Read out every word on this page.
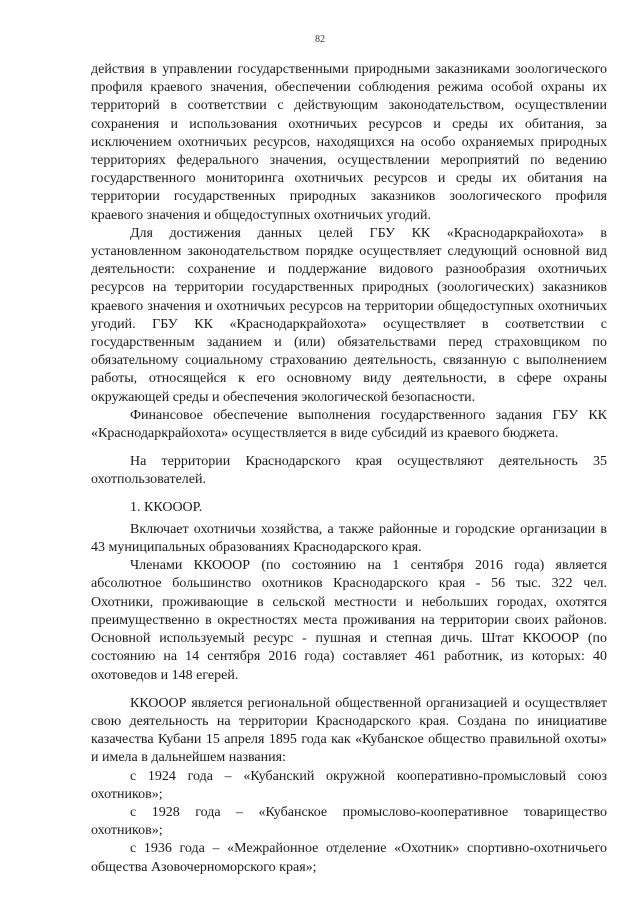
82

действия в управлении государственными природными заказниками зоологического профиля краевого значения, обеспечении соблюдения режима особой охраны их территорий в соответствии с действующим законодательством, осуществлении сохранения и использования охотничьих ресурсов и среды их обитания, за исключением охотничьих ресурсов, находящихся на особо охраняемых природных территориях федерального значения, осуществлении мероприятий по ведению государственного мониторинга охотничьих ресурсов и среды их обитания на территории государственных природных заказников зоологического профиля краевого значения и общедоступных охотничьих угодий.

Для достижения данных целей ГБУ КК «Краснодаркрайохота» в установленном законодательством порядке осуществляет следующий основной вид деятельности: сохранение и поддержание видового разнообразия охотничьих ресурсов на территории государственных природных (зоологических) заказников краевого значения и охотничьих ресурсов на территории общедоступных охотничьих угодий. ГБУ КК «Краснодаркрайохота» осуществляет в соответствии с государственным заданием и (или) обязательствами перед страховщиком по обязательному социальному страхованию деятельность, связанную с выполнением работы, относящейся к его основному виду деятельности, в сфере охраны окружающей среды и обеспечения экологической безопасности.

Финансовое обеспечение выполнения государственного задания ГБУ КК «Краснодаркрайохота» осуществляется в виде субсидий из краевого бюджета.

На территории Краснодарского края осуществляют деятельность 35 охотпользователей.

1. ККОООР.

Включает охотничьи хозяйства, а также районные и городские организации в 43 муниципальных образованиях Краснодарского края.

Членами ККОООР (по состоянию на 1 сентября 2016 года) является абсолютное большинство охотников Краснодарского края - 56 тыс. 322 чел. Охотники, проживающие в сельской местности и небольших городах, охотятся преимущественно в окрестностях места проживания на территории своих районов. Основной используемый ресурс - пушная и степная дичь. Штат ККОООР (по состоянию на 14 сентября 2016 года) составляет 461 работник, из которых: 40 охотоведов и 148 егерей.

ККОООР является региональной общественной организацией и осуществляет свою деятельность на территории Краснодарского края. Создана по инициативе казачества Кубани 15 апреля 1895 года как «Кубанское общество правильной охоты» и имела в дальнейшем названия:

с 1924 года – «Кубанский окружной кооперативно-промысловый союз охотников»;

с 1928 года – «Кубанское промыслово-кооперативное товарищество охотников»;

с 1936 года – «Межрайонное отделение «Охотник» спортивно-охотничьего общества Азовочерноморского края»;
